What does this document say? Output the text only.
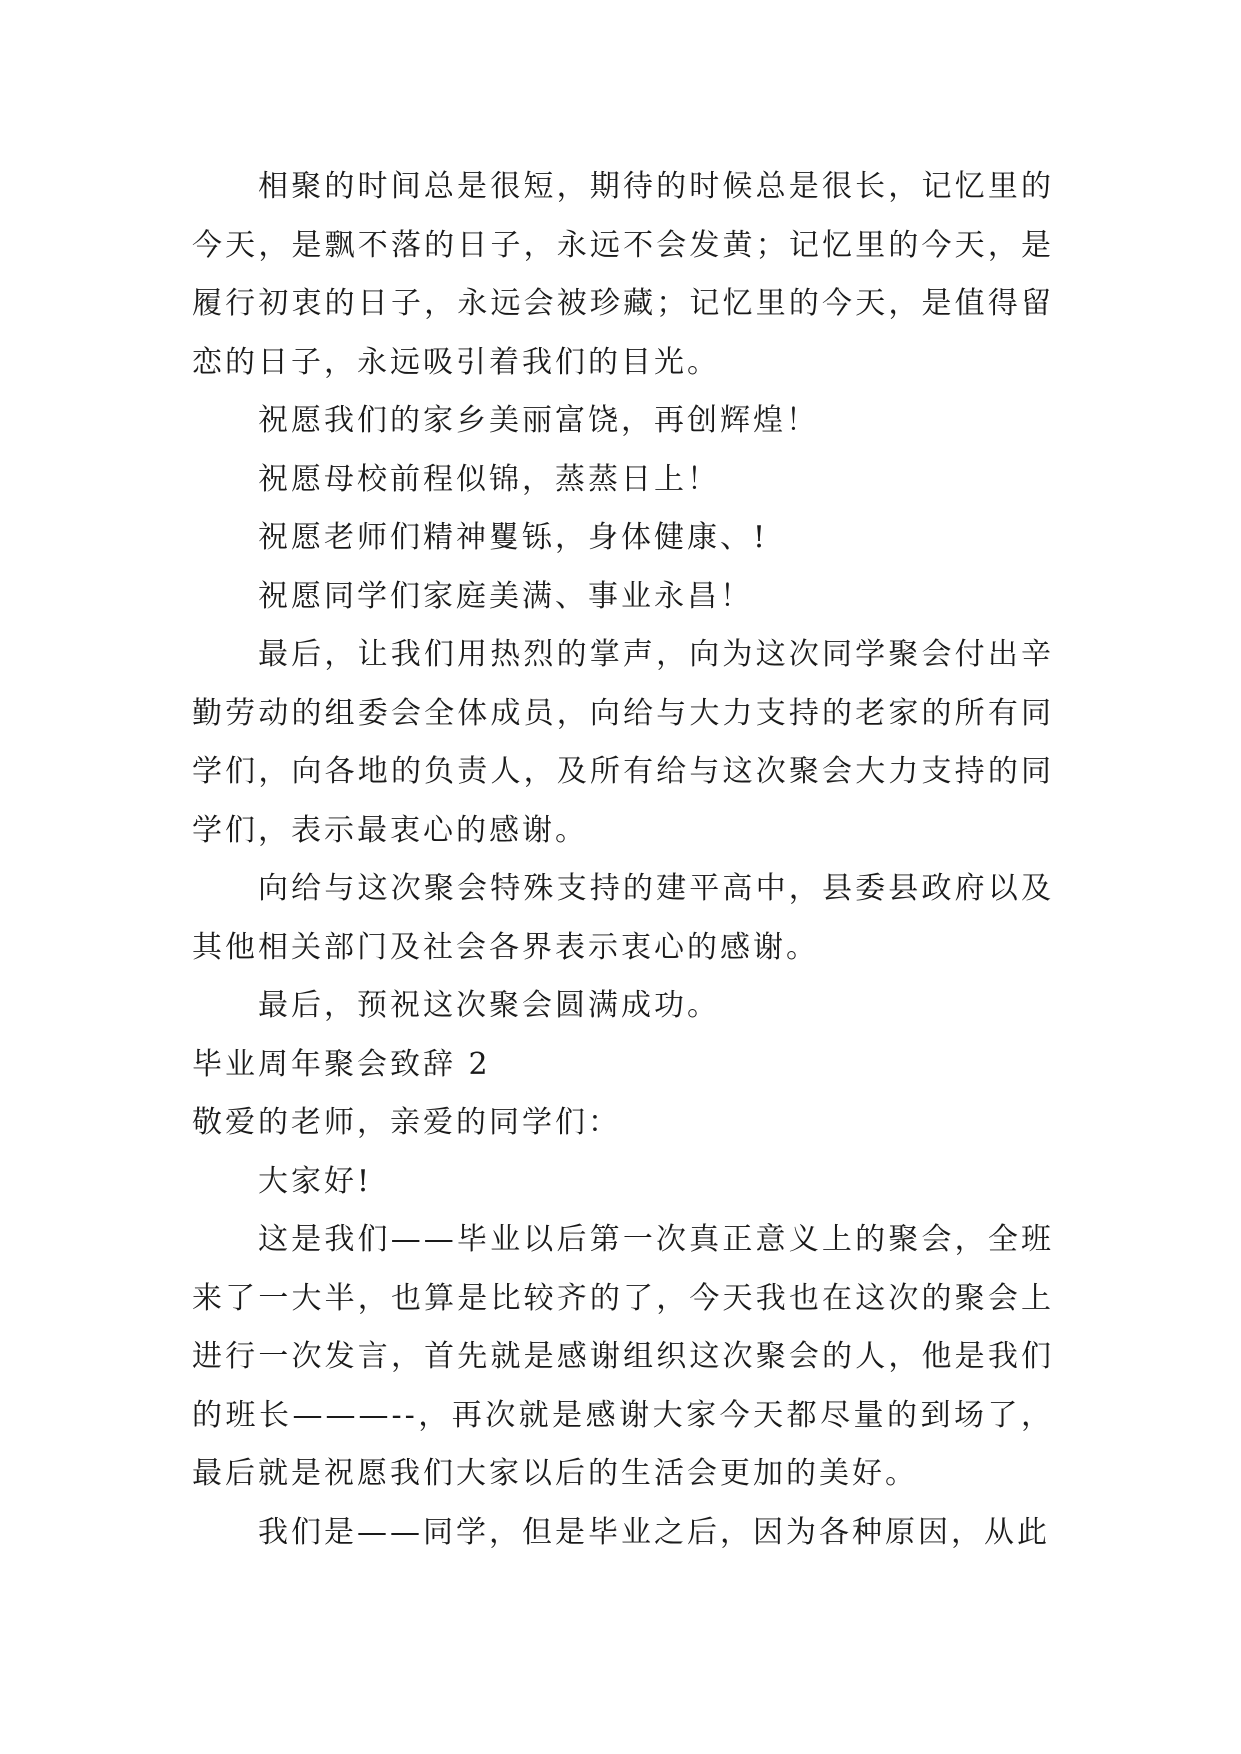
相聚的时间总是很短，期待的时候总是很长，记忆里的今天，是飘不落的日子，永远不会发黄；记忆里的今天，是履行初衷的日子，永远会被珍藏；记忆里的今天，是值得留恋的日子，永远吸引着我们的目光。

祝愿我们的家乡美丽富饶，再创辉煌！

祝愿母校前程似锦，蒸蒸日上！

祝愿老师们精神矍铄，身体健康、!

祝愿同学们家庭美满、事业永昌！

最后，让我们用热烈的掌声，向为这次同学聚会付出辛勤劳动的组委会全体成员，向给与大力支持的老家的所有同学们，向各地的负责人，及所有给与这次聚会大力支持的同学们，表示最衷心的感谢。

向给与这次聚会特殊支持的建平高中，县委县政府以及其他相关部门及社会各界表示衷心的感谢。

最后，预祝这次聚会圆满成功。

毕业周年聚会致辞 2

敬爱的老师，亲爱的同学们：

大家好!

这是我们——毕业以后第一次真正意义上的聚会，全班来了一大半，也算是比较齐的了，今天我也在这次的聚会上进行一次发言，首先就是感谢组织这次聚会的人，他是我们的班长———--，再次就是感谢大家今天都尽量的到场了，最后就是祝愿我们大家以后的生活会更加的美好。

我们是——同学，但是毕业之后，因为各种原因，从此
